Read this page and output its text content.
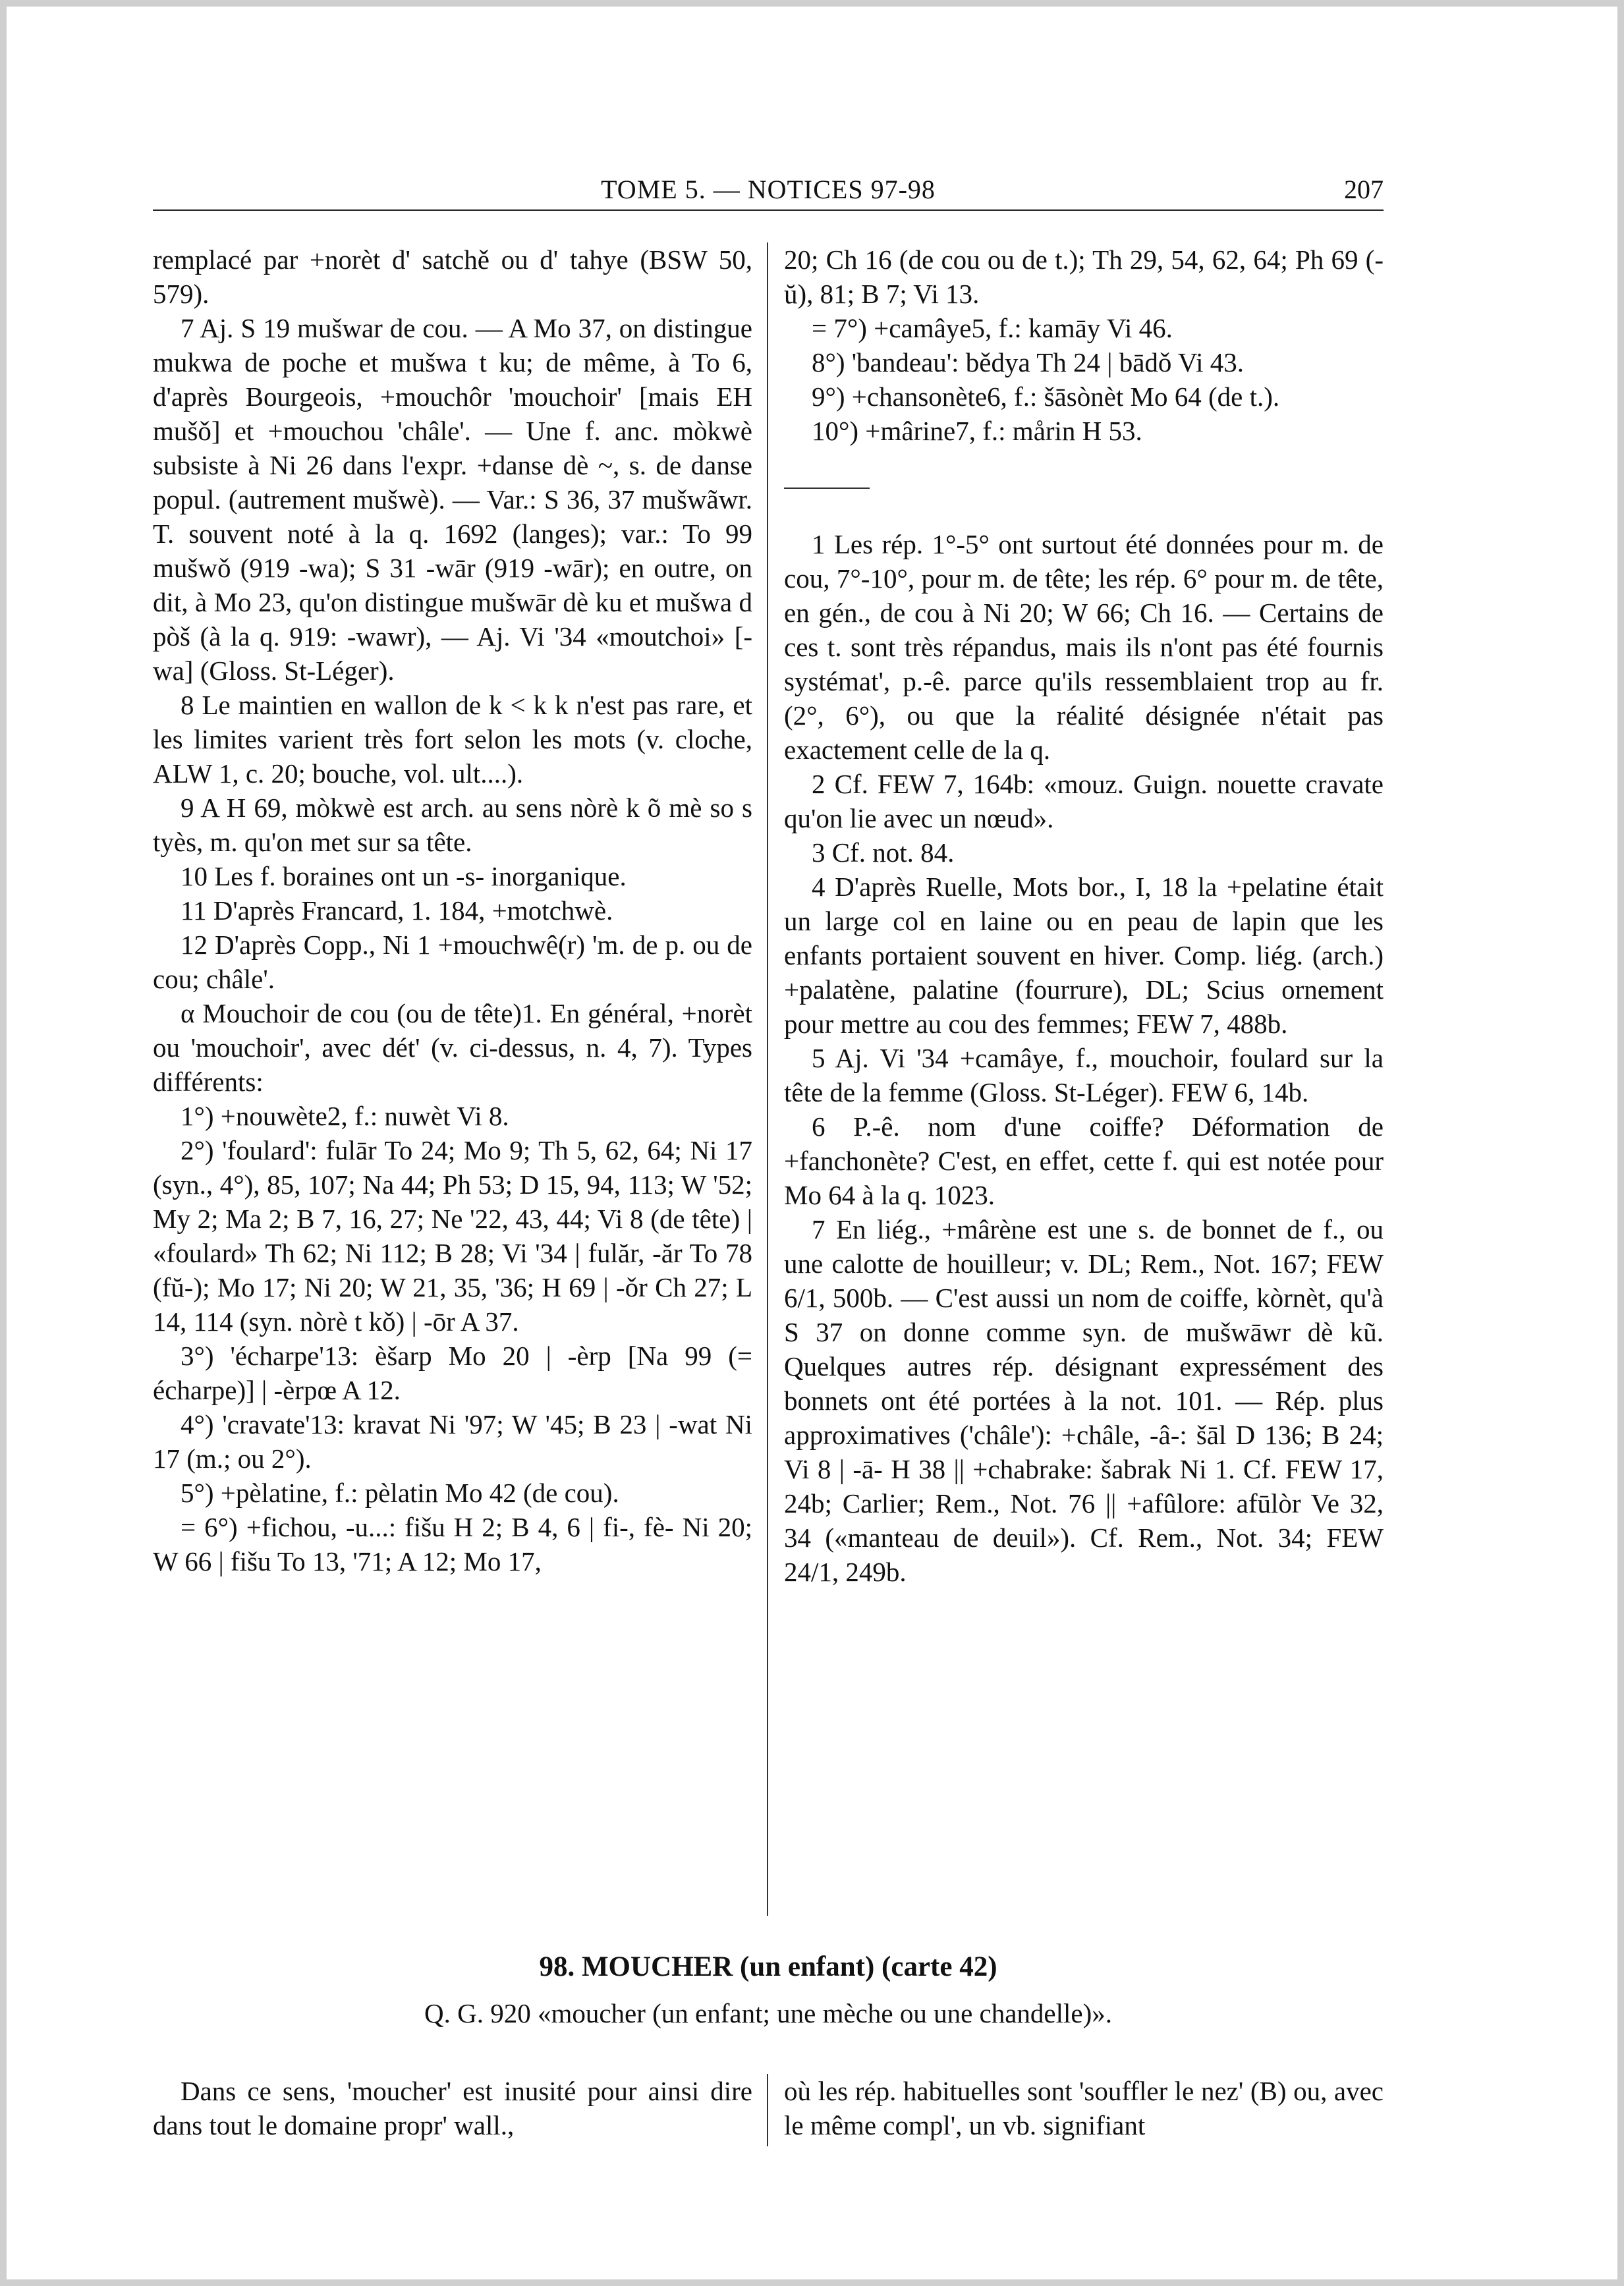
TOME 5. — NOTICES 97-98	207

remplacé par +norèt d' satchě ou d' tahye (BSW 50, 579).

7 Aj. S 19 mušwar de cou. — A Mo 37, on distingue mukwa de poche et mušwa t ku; de même, à To 6, d'après Bourgeois, +mouchôr 'mouchoir' [mais EH mušǒ] et +mouchou 'châle'. — Une f. anc. mòkwè subsiste à Ni 26 dans l'expr. +danse dè ~, s. de danse popul. (autrement mušwè). — Var.: S 36, 37 mušwãwr. T. souvent noté à la q. 1692 (langes); var.: To 99 mušwǒ (919 -wa); S 31 -wār (919 -wār); en outre, on dit, à Mo 23, qu'on distingue mušwār dè ku et mušwa d pòš (à la q. 919: -wawr), — Aj. Vi '34 «moutchoi» [-wa] (Gloss. St-Léger).

8 Le maintien en wallon de k < k k n'est pas rare, et les limites varient très fort selon les mots (v. cloche, ALW 1, c. 20; bouche, vol. ult....).

9 A H 69, mòkwè est arch. au sens nòrè k õ mè so s tyès, m. qu'on met sur sa tête.

10 Les f. boraines ont un -s- inorganique.

11 D'après Francard, 1. 184, +motchwè.

12 D'après Copp., Ni 1 +mouchwê(r) 'm. de p. ou de cou; châle'.

α Mouchoir de cou (ou de tête)1. En général, +norèt ou 'mouchoir', avec dét' (v. ci-dessus, n. 4, 7). Types différents:

1°) +nouwète2, f.: nuwèt Vi 8.

2°) 'foulard': fulār To 24; Mo 9; Th 5, 62, 64; Ni 17 (syn., 4°), 85, 107; Na 44; Ph 53; D 15, 94, 113; W '52; My 2; Ma 2; B 7, 16, 27; Ne '22, 43, 44; Vi 8 (de tête) | «foulard» Th 62; Ni 112; B 28; Vi '34 | fulăr, -ăr To 78 (fŭ-); Mo 17; Ni 20; W 21, 35, '36; H 69 | -ǒr Ch 27; L 14, 114 (syn. nòrè t kǒ) | -ōr A 37.

3°) 'écharpe'13: èšarp Mo 20 | -èrp [Na 99 (= écharpe)] | -èrpœ A 12.

4°) 'cravate'13: kravat Ni '97; W '45; B 23 | -wat Ni 17 (m.; ou 2°).

5°) +pèlatine, f.: pèlatin Mo 42 (de cou).

= 6°) +fichou, -u...: fišu H 2; B 4, 6 | fi-, fè- Ni 20; W 66 | fišu To 13, '71; A 12; Mo 17,

20; Ch 16 (de cou ou de t.); Th 29, 54, 62, 64; Ph 69 (-ŭ), 81; B 7; Vi 13.

= 7°) +camâye5, f.: kamāy Vi 46.

8°) 'bandeau': bědya Th 24 | bādǒ Vi 43.

9°) +chansonète6, f.: šāsònèt Mo 64 (de t.).

10°) +mârine7, f.: mårin H 53.

1 Les rép. 1°-5° ont surtout été données pour m. de cou, 7°-10°, pour m. de tête; les rép. 6° pour m. de tête, en gén., de cou à Ni 20; W 66; Ch 16. — Certains de ces t. sont très répandus, mais ils n'ont pas été fournis systémat', p.-ê. parce qu'ils ressemblaient trop au fr. (2°, 6°), ou que la réalité désignée n'était pas exactement celle de la q.

2 Cf. FEW 7, 164b: «mouz. Guign. nouette cravate qu'on lie avec un nœud».

3 Cf. not. 84.

4 D'après Ruelle, Mots bor., I, 18 la +pelatine était un large col en laine ou en peau de lapin que les enfants portaient souvent en hiver. Comp. liég. (arch.) +palatène, palatine (fourrure), DL; Scius ornement pour mettre au cou des femmes; FEW 7, 488b.

5 Aj. Vi '34 +camâye, f., mouchoir, foulard sur la tête de la femme (Gloss. St-Léger). FEW 6, 14b.

6 P.-ê. nom d'une coiffe? Déformation de +fanchonète? C'est, en effet, cette f. qui est notée pour Mo 64 à la q. 1023.

7 En liég., +mârène est une s. de bonnet de f., ou une calotte de houilleur; v. DL; Rem., Not. 167; FEW 6/1, 500b. — C'est aussi un nom de coiffe, kòrnèt, qu'à S 37 on donne comme syn. de mušwāwr dè kũ. Quelques autres rép. désignant expressément des bonnets ont été portées à la not. 101. — Rép. plus approximatives ('châle'): +châle, -â-: šāl D 136; B 24; Vi 8 | -ā- H 38 || +chabrake: šabrak Ni 1. Cf. FEW 17, 24b; Carlier; Rem., Not. 76 || +afûlore: afūlòr Ve 32, 34 («manteau de deuil»). Cf. Rem., Not. 34; FEW 24/1, 249b.

98. MOUCHER (un enfant) (carte 42)
Q. G. 920 «moucher (un enfant; une mèche ou une chandelle)».

Dans ce sens, 'moucher' est inusité pour ainsi dire dans tout le domaine propr' wall.,

où les rép. habituelles sont 'souffler le nez' (B) ou, avec le même compl', un vb. signifiant
